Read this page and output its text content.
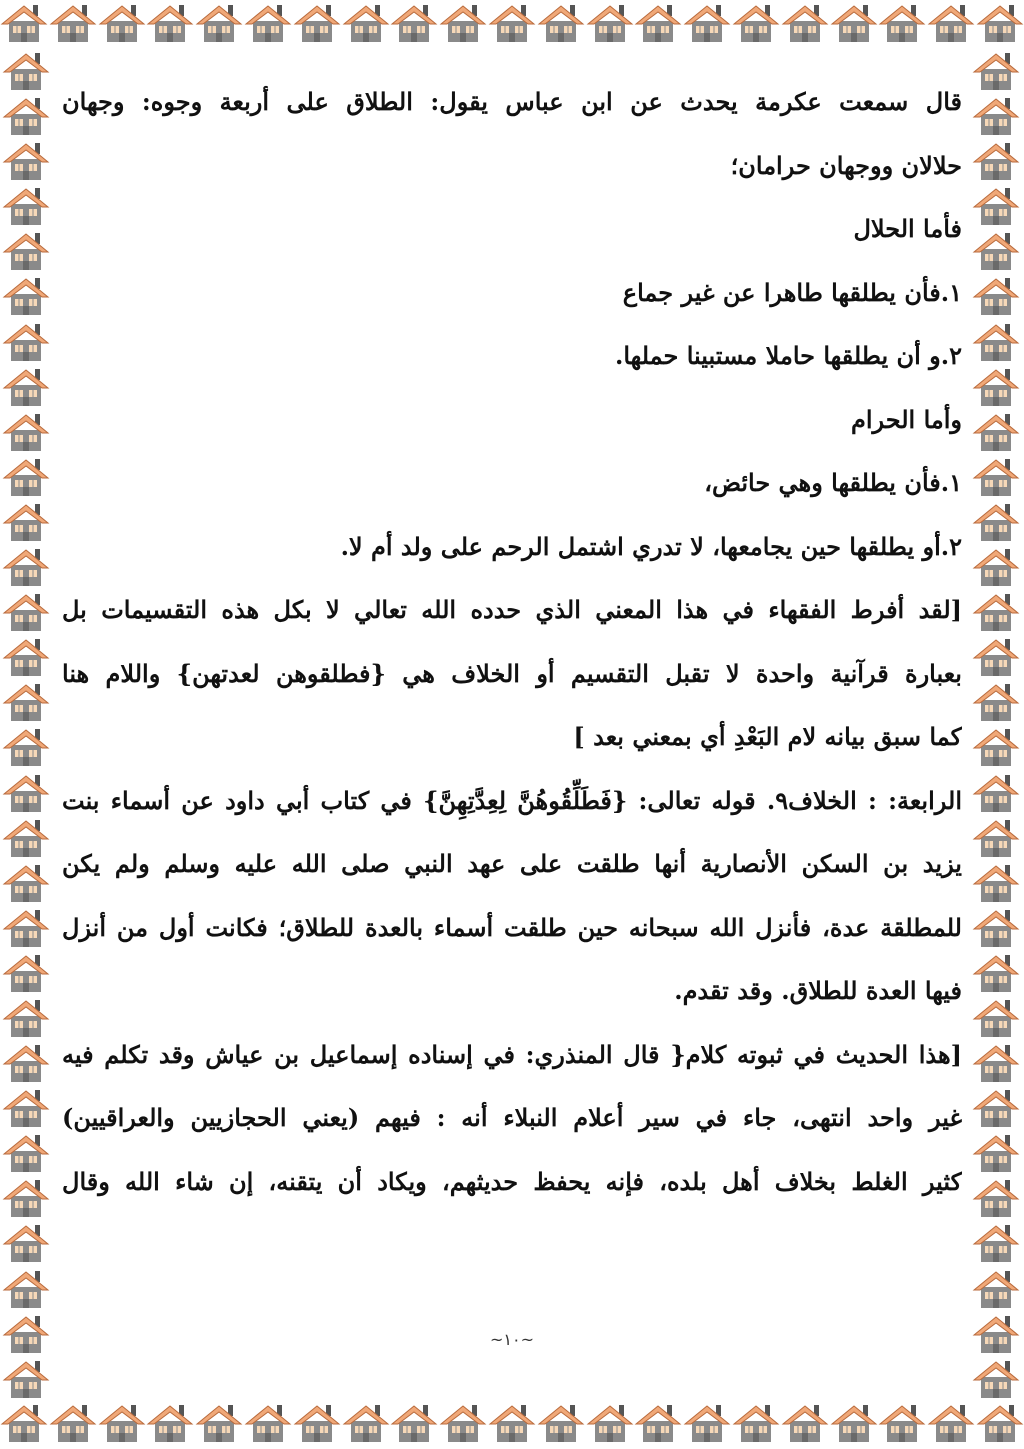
قال سمعت عكرمة يحدث عن ابن عباس يقول: الطلاق على أربعة وجوه: وجهان

حلالان ووجهان حرامان؛

فأما الحلال

١.فأن يطلقها طاهرا عن غير جماع

٢.و أن يطلقها حاملا مستبينا حملها.

وأما الحرام

١.فأن يطلقها وهي حائض،

٢.أو يطلقها حين يجامعها، لا تدري اشتمل الرحم على ولد أم لا.

[لقد أفرط الفقهاء في هذا المعني الذي حدده الله تعالي لا بكل هذه التقسيمات بل

بعبارة قرآنية واحدة لا تقبل التقسيم أو الخلاف هي {فطلقوهن لعدتهن} واللام هنا

كما سبق بيانه لام البَعْدِ أي بمعني بعد ]

الرابعة: : الخلاف٩. قوله تعالى: {فَطَلِّقُوهُنَّ لِعِدَّتِهِنَّ} في كتاب أبي داود عن أسماء بنت

يزيد بن السكن الأنصارية أنها طلقت على عهد النبي صلى الله عليه وسلم ولم يكن

للمطلقة عدة، فأنزل الله سبحانه حين طلقت أسماء بالعدة للطلاق؛ فكانت أول من أنزل

فيها العدة للطلاق. وقد تقدم.

[هذا الحديث في ثبوته كلام{ قال المنذري: في إسناده إسماعيل بن عياش وقد تكلم فيه

غير واحد انتهى، جاء في سير أعلام النبلاء أنه : فيهم (يعني الحجازيين والعراقيين)

كثير الغلط بخلاف أهل بلده، فإنه يحفظ حديثهم، ويكاد أن يتقنه، إن شاء الله وقال

~١٠~
